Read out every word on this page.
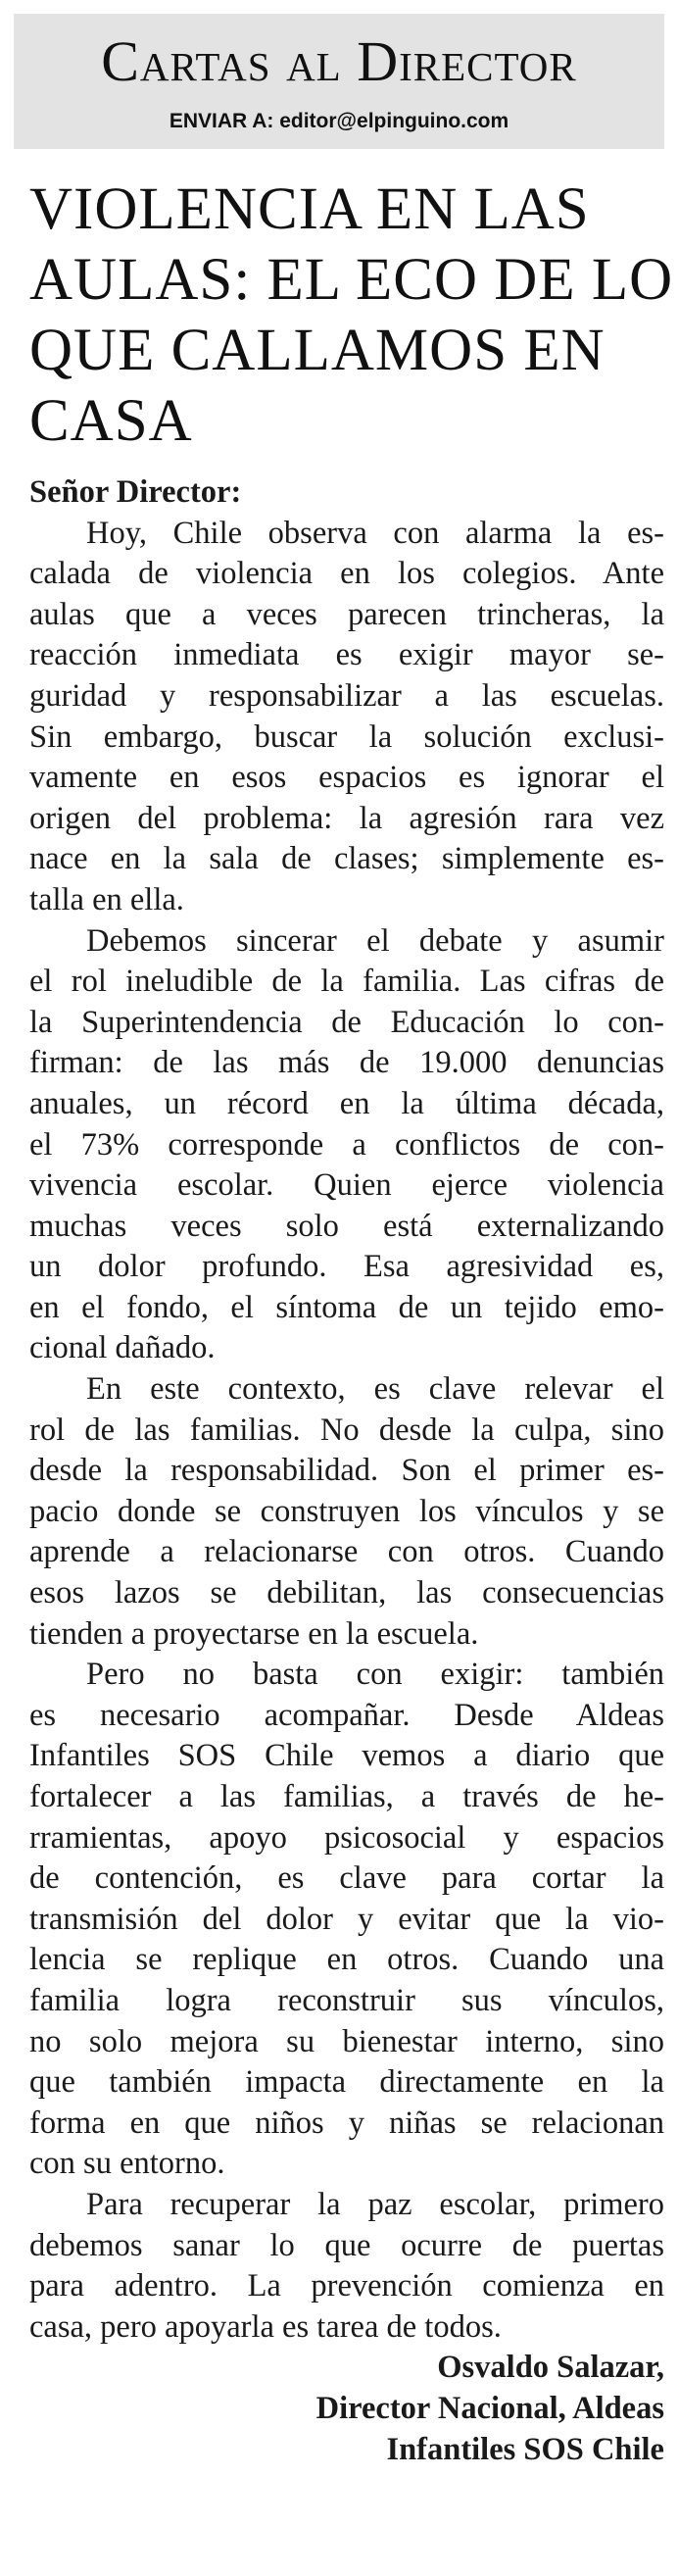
Cartas al Director
ENVIAR A: editor@elpinguino.com
VIOLENCIA EN LAS
AULAS: EL ECO DE LO
QUE CALLAMOS EN
CASA
Señor Director:
Hoy, Chile observa con alarma la es-
calada de violencia en los colegios. Ante
aulas que a veces parecen trincheras, la
reacción inmediata es exigir mayor se-
guridad y responsabilizar a las escuelas.
Sin embargo, buscar la solución exclusi-
vamente en esos espacios es ignorar el
origen del problema: la agresión rara vez
nace en la sala de clases; simplemente es-
talla en ella.
Debemos sincerar el debate y asumir
el rol ineludible de la familia. Las cifras de
la Superintendencia de Educación lo con-
firman: de las más de 19.000 denuncias
anuales, un récord en la última década,
el 73% corresponde a conflictos de con-
vivencia escolar. Quien ejerce violencia
muchas veces solo está externalizando
un dolor profundo. Esa agresividad es,
en el fondo, el síntoma de un tejido emo-
cional dañado.
En este contexto, es clave relevar el
rol de las familias. No desde la culpa, sino
desde la responsabilidad. Son el primer es-
pacio donde se construyen los vínculos y se
aprende a relacionarse con otros. Cuando
esos lazos se debilitan, las consecuencias
tienden a proyectarse en la escuela.
Pero no basta con exigir: también
es necesario acompañar. Desde Aldeas
Infantiles SOS Chile vemos a diario que
fortalecer a las familias, a través de he-
rramientas, apoyo psicosocial y espacios
de contención, es clave para cortar la
transmisión del dolor y evitar que la vio-
lencia se replique en otros. Cuando una
familia logra reconstruir sus vínculos,
no solo mejora su bienestar interno, sino
que también impacta directamente en la
forma en que niños y niñas se relacionan
con su entorno.
Para recuperar la paz escolar, primero
debemos sanar lo que ocurre de puertas
para adentro. La prevención comienza en
casa, pero apoyarla es tarea de todos.
Osvaldo Salazar,
Director Nacional, Aldeas
Infantiles SOS Chile
